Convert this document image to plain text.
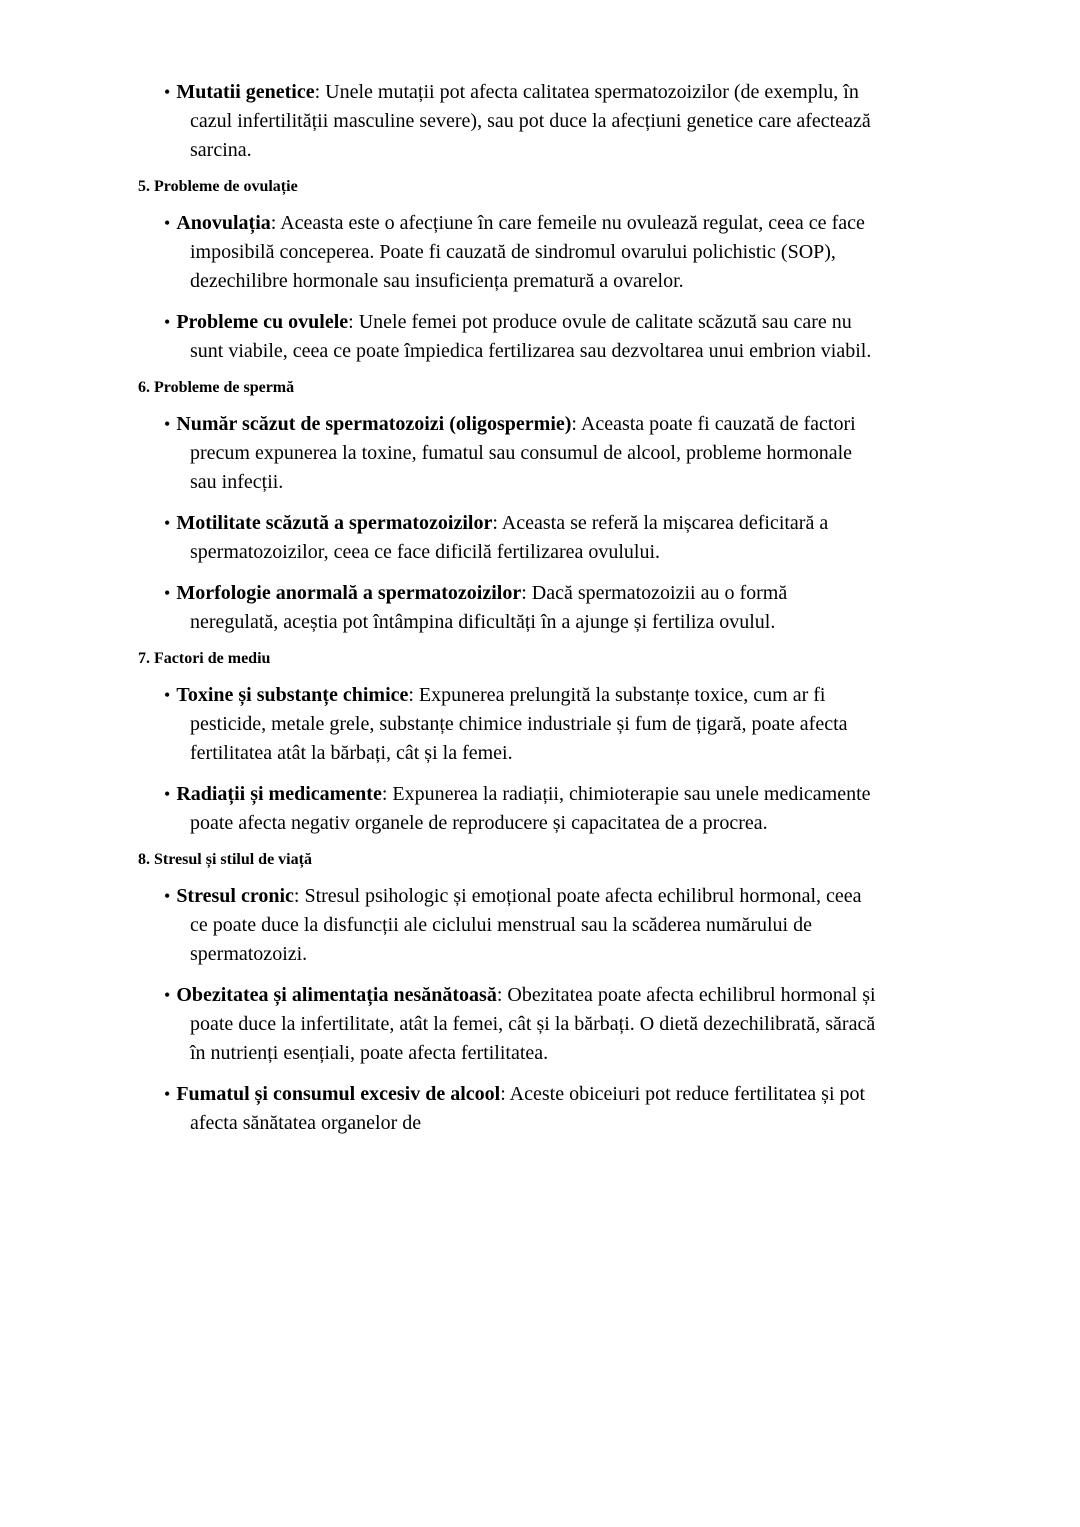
• Mutatii genetice: Unele mutații pot afecta calitatea spermatozoizilor (de exemplu, în cazul infertilității masculine severe), sau pot duce la afecțiuni genetice care afectează sarcina.
5. Probleme de ovulație
• Anovulația: Aceasta este o afecțiune în care femeile nu ovulează regulat, ceea ce face imposibilă conceperea. Poate fi cauzată de sindromul ovarului polichistic (SOP), dezechilibre hormonale sau insuficiența prematură a ovarelor.
• Probleme cu ovulele: Unele femei pot produce ovule de calitate scăzută sau care nu sunt viabile, ceea ce poate împiedica fertilizarea sau dezvoltarea unui embrion viabil.
6. Probleme de spermă
• Număr scăzut de spermatozoizi (oligospermie): Aceasta poate fi cauzată de factori precum expunerea la toxine, fumatul sau consumul de alcool, probleme hormonale sau infecții.
• Motilitate scăzută a spermatozoizilor: Aceasta se referă la mișcarea deficitară a spermatozoizilor, ceea ce face dificilă fertilizarea ovulului.
• Morfologie anormală a spermatozoizilor: Dacă spermatozoizii au o formă neregulată, aceștia pot întâmpina dificultăți în a ajunge și fertiliza ovulul.
7. Factori de mediu
• Toxine și substanțe chimice: Expunerea prelungită la substanțe toxice, cum ar fi pesticide, metale grele, substanțe chimice industriale și fum de țigară, poate afecta fertilitatea atât la bărbați, cât și la femei.
• Radiații și medicamente: Expunerea la radiații, chimioterapie sau unele medicamente poate afecta negativ organele de reproducere și capacitatea de a procrea.
8. Stresul și stilul de viață
• Stresul cronic: Stresul psihologic și emoțional poate afecta echilibrul hormonal, ceea ce poate duce la disfuncții ale ciclului menstrual sau la scăderea numărului de spermatozoizi.
• Obezitatea și alimentația nesănătoasă: Obezitatea poate afecta echilibrul hormonal și poate duce la infertilitate, atât la femei, cât și la bărbați. O dietă dezechilibrată, săracă în nutrienți esențiali, poate afecta fertilitatea.
• Fumatul și consumul excesiv de alcool: Aceste obiceiuri pot reduce fertilitatea și pot afecta sănătatea organelor de
